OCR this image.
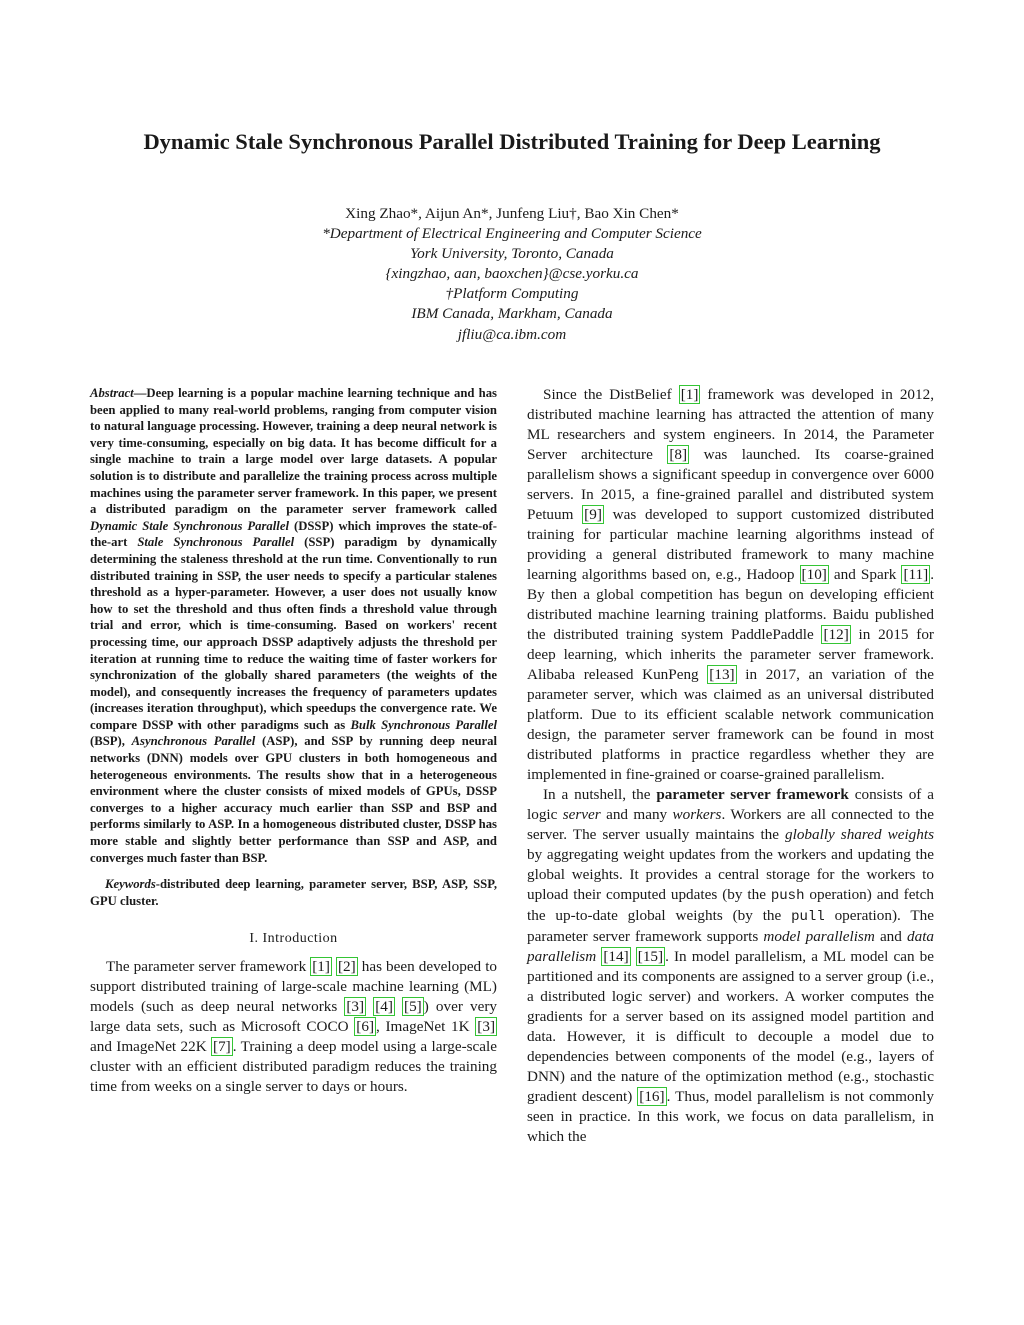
Dynamic Stale Synchronous Parallel Distributed Training for Deep Learning
Xing Zhao*, Aijun An*, Junfeng Liu†, Bao Xin Chen*
*Department of Electrical Engineering and Computer Science
York University, Toronto, Canada
{xingzhao, aan, baoxchen}@cse.yorku.ca
†Platform Computing
IBM Canada, Markham, Canada
jfliu@ca.ibm.com

Abstract—Deep learning is a popular machine learning technique and has been applied to many real-world problems, ranging from computer vision to natural language processing. However, training a deep neural network is very time-consuming, especially on big data. It has become difficult for a single machine to train a large model over large datasets. A popular solution is to distribute and parallelize the training process across multiple machines using the parameter server framework. In this paper, we present a distributed paradigm on the parameter server framework called Dynamic Stale Synchronous Parallel (DSSP) which improves the state-of-the-art Stale Synchronous Parallel (SSP) paradigm by dynamically determining the staleness threshold at the run time. Conventionally to run distributed training in SSP, the user needs to specify a particular stalenes threshold as a hyper-parameter. However, a user does not usually know how to set the threshold and thus often finds a threshold value through trial and error, which is time-consuming. Based on workers' recent processing time, our approach DSSP adaptively adjusts the threshold per iteration at running time to reduce the waiting time of faster workers for synchronization of the globally shared parameters (the weights of the model), and consequently increases the frequency of parameters updates (increases iteration throughput), which speedups the convergence rate. We compare DSSP with other paradigms such as Bulk Synchronous Parallel (BSP), Asynchronous Parallel (ASP), and SSP by running deep neural networks (DNN) models over GPU clusters in both homogeneous and heterogeneous environments. The results show that in a heterogeneous environment where the cluster consists of mixed models of GPUs, DSSP converges to a higher accuracy much earlier than SSP and BSP and performs similarly to ASP. In a homogeneous distributed cluster, DSSP has more stable and slightly better performance than SSP and ASP, and converges much faster than BSP.

Keywords-distributed deep learning, parameter server, BSP, ASP, SSP, GPU cluster.

I. Introduction

The parameter server framework [1] [2] has been developed to support distributed training of large-scale machine learning (ML) models (such as deep neural networks [3] [4] [5] ) over very large data sets, such as Microsoft COCO [6] , ImageNet 1K [3] and ImageNet 22K [7] . Training a deep model using a large-scale cluster with an efficient distributed paradigm reduces the training time from weeks on a single server to days or hours.

Since the DistBelief [1] framework was developed in 2012, distributed machine learning has attracted the attention of many ML researchers and system engineers. In 2014, the Parameter Server architecture [8] was launched. Its coarse-grained parallelism shows a significant speedup in convergence over 6000 servers. In 2015, a fine-grained parallel and distributed system Petuum [9] was developed to support customized distributed training for particular machine learning algorithms instead of providing a general distributed framework to many machine learning algorithms based on, e.g., Hadoop [10] and Spark [11] . By then a global competition has begun on developing efficient distributed machine learning training platforms. Baidu published the distributed training system PaddlePaddle [12] in 2015 for deep learning, which inherits the parameter server framework. Alibaba released KunPeng [13] in 2017, an variation of the parameter server, which was claimed as an universal distributed platform. Due to its efficient scalable network communication design, the parameter server framework can be found in most distributed platforms in practice regardless whether they are implemented in fine-grained or coarse-grained parallelism.

In a nutshell, the parameter server framework consists of a logic server and many workers. Workers are all connected to the server. The server usually maintains the globally shared weights by aggregating weight updates from the workers and updating the global weights. It provides a central storage for the workers to upload their computed updates (by the push operation) and fetch the up-to-date global weights (by the pull operation). The parameter server framework supports model parallelism and data parallelism [14] [15] . In model parallelism, a ML model can be partitioned and its components are assigned to a server group (i.e., a distributed logic server) and workers. A worker computes the gradients for a server based on its assigned model partition and data. However, it is difficult to decouple a model due to dependencies between components of the model (e.g., layers of DNN) and the nature of the optimization method (e.g., stochastic gradient descent) [16] . Thus, model parallelism is not commonly seen in practice. In this work, we focus on data parallelism, in which the
